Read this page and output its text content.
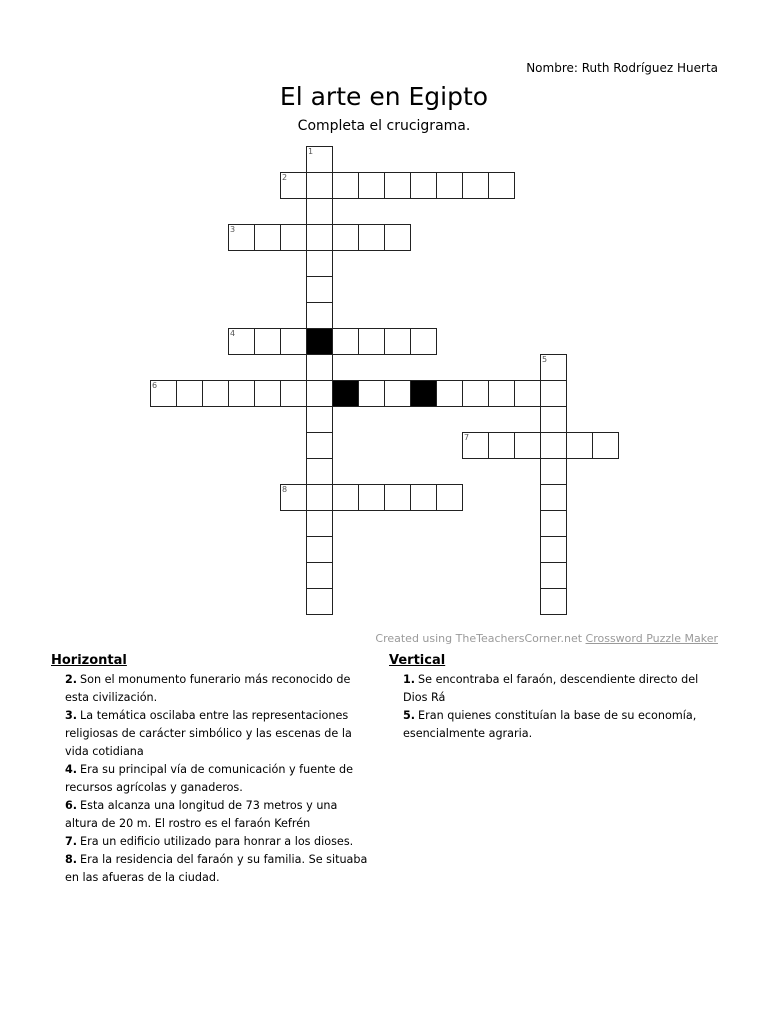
Nombre: Ruth Rodríguez Huerta
El arte en Egipto
Completa el crucigrama.
1
2
3
4
5
6
7
8
Created using TheTeachersCorner.net Crossword Puzzle Maker
Horizontal

2. Son el monumento funerario más reconocido de esta civilización.

3. La temática oscilaba entre las representaciones religiosas de carácter simbólico y las escenas de la vida cotidiana

4. Era su principal vía de comunicación y fuente de recursos agrícolas y ganaderos.

6. Esta alcanza una longitud de 73 metros y una altura de 20 m. El rostro es el faraón Kefrén

7. Era un edificio utilizado para honrar a los dioses.

8. Era la residencia del faraón y su familia. Se situaba en las afueras de la ciudad.

Vertical

1. Se encontraba el faraón, descendiente directo del Dios Rá

5. Eran quienes constituían la base de su economía, esencialmente agraria.
